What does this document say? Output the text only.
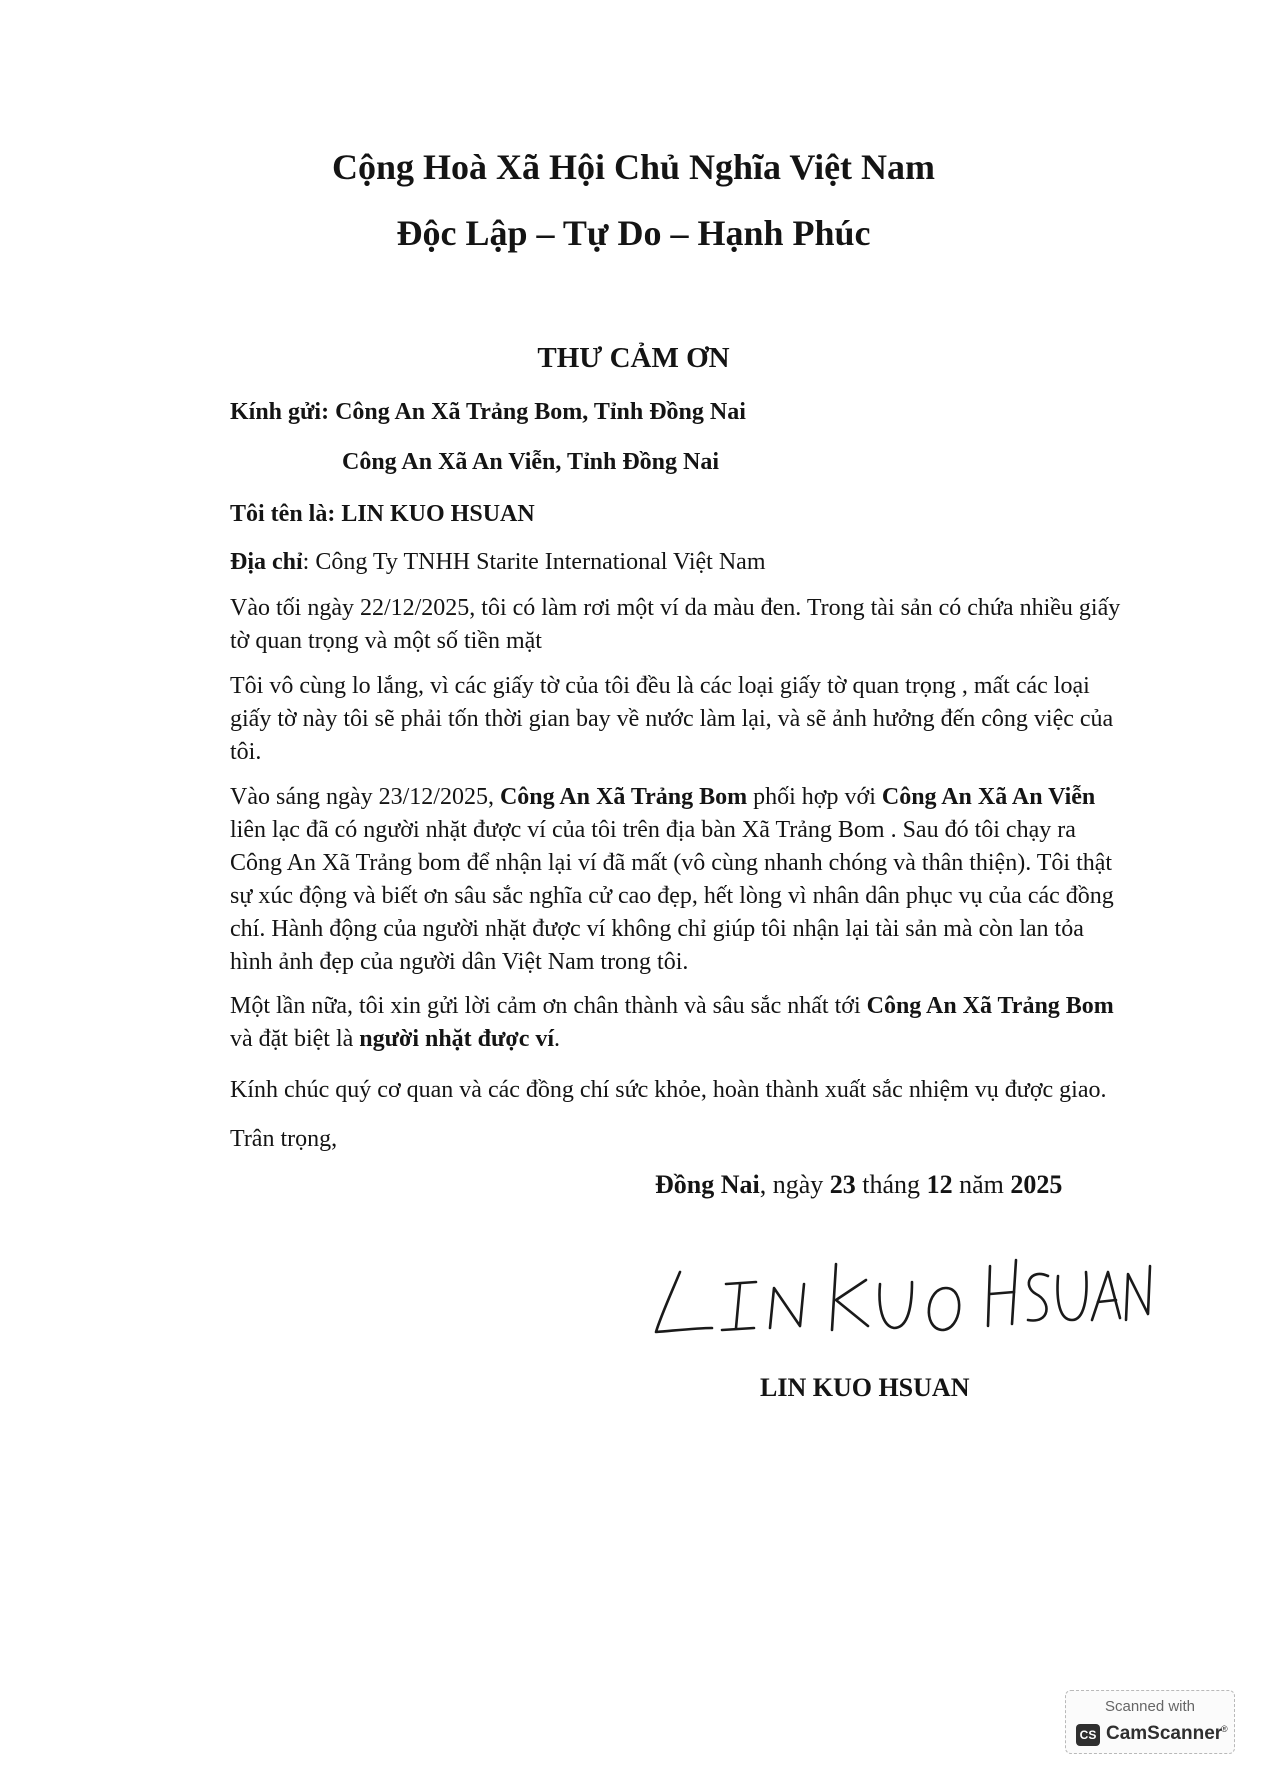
Cộng Hoà Xã Hội Chủ Nghĩa Việt Nam
Độc Lập – Tự Do – Hạnh Phúc
THƯ CẢM ƠN
Kính gửi: Công An Xã Trảng Bom, Tỉnh Đồng Nai
Công An Xã An Viễn, Tỉnh Đồng Nai
Tôi tên là: LIN KUO HSUAN
Địa chỉ: Công Ty TNHH Starite International Việt Nam
Vào tối ngày 22/12/2025, tôi có làm rơi một ví da màu đen. Trong tài sản có chứa nhiều giấy
tờ quan trọng và một số tiền mặt
Tôi vô cùng lo lắng, vì các giấy tờ của tôi đều là các loại giấy tờ quan trọng , mất các loại
giấy tờ này tôi sẽ phải tốn thời gian bay về nước làm lại, và sẽ ảnh hưởng đến công việc của
tôi.
Vào sáng ngày 23/12/2025, Công An Xã Trảng Bom phối hợp với Công An Xã An Viễn
liên lạc đã có người nhặt được ví của tôi trên địa bàn Xã Trảng Bom . Sau đó tôi chạy ra
Công An Xã Trảng bom để nhận lại ví đã mất (vô cùng nhanh chóng và thân thiện). Tôi thật
sự xúc động và biết ơn sâu sắc nghĩa cử cao đẹp, hết lòng vì nhân dân phục vụ của các đồng
chí. Hành động của người nhặt được ví không chỉ giúp tôi nhận lại tài sản mà còn lan tỏa
hình ảnh đẹp của người dân Việt Nam trong tôi.
Một lần nữa, tôi xin gửi lời cảm ơn chân thành và sâu sắc nhất tới Công An Xã Trảng Bom
và đặt biệt là người nhặt được ví.
Kính chúc quý cơ quan và các đồng chí sức khỏe, hoàn thành xuất sắc nhiệm vụ được giao.
Trân trọng,
Đồng Nai, ngày 23 tháng 12 năm 2025
LIN KUO HSUAN
Scanned with
CS CamScanner
®
